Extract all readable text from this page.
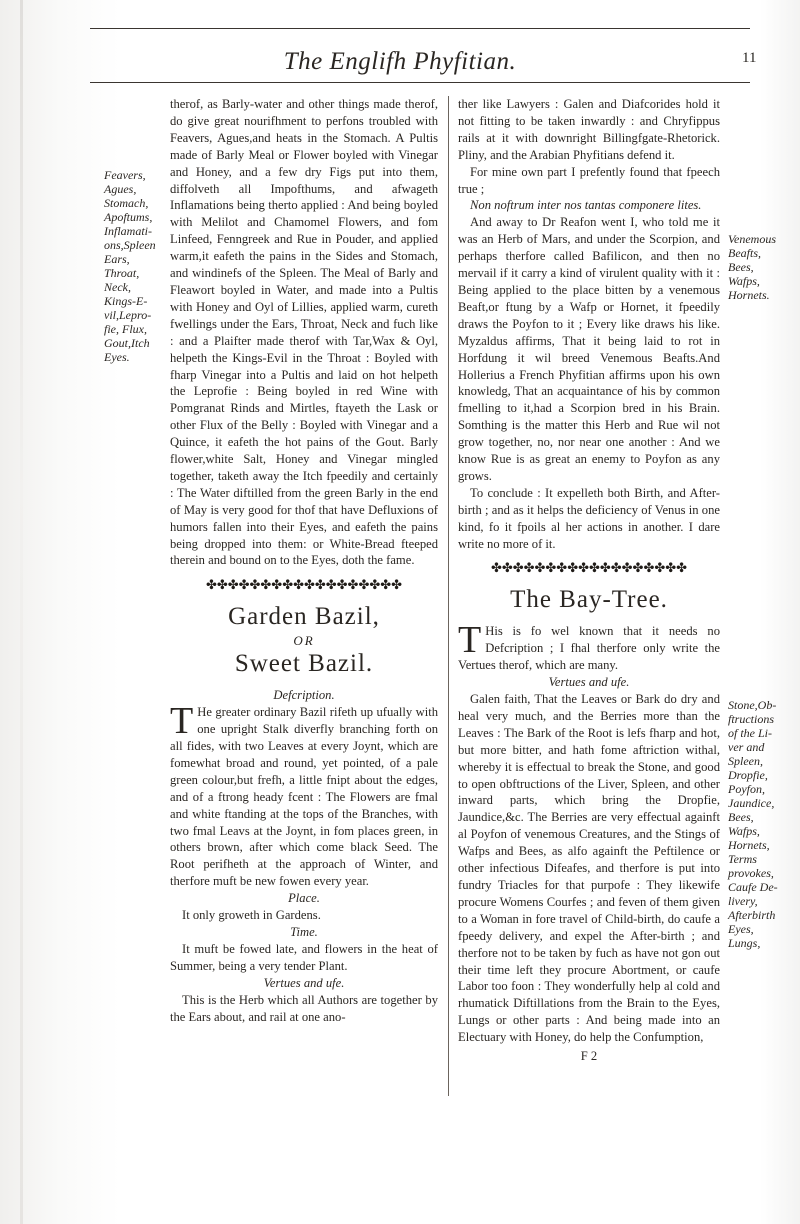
The Englifh Phyfitian.	11
Feavers,
Agues,
Stomach,
Apoftums,
Inflamati-
ons,Spleen
Ears,
Throat,
Neck,
Kings-E-
vil,Lepro-
fie, Flux,
Gout,Itch
Eyes.

therof, as Barly-water and other things made therof, do give great nourifhment to perfons troubled with Feavers, Agues,and heats in the Stomach. A Pultis made of Barly Meal or Flower boyled with Vinegar and Honey, and a few dry Figs put into them, diffolveth all Impofthums, and afwageth Inflamations being therto applied : And being boyled with Melilot and Chamomel Flowers, and fom Linfeed, Fenngreek and Rue in Pouder, and applied warm,it eafeth the pains in the Sides and Stomach, and windinefs of the Spleen. The Meal of Barly and Fleawort boyled in Water, and made into a Pultis with Honey and Oyl of Lillies, applied warm, cureth fwellings under the Ears, Throat, Neck and fuch like : and a Plaifter made therof with Tar,Wax & Oyl, helpeth the Kings-Evil in the Throat : Boyled with fharp Vinegar into a Pultis and laid on hot helpeth the Leprofie : Being boyled in red Wine with Pomgranat Rinds and Mirtles, ftayeth the Lask or other Flux of the Belly : Boyled with Vinegar and a Quince, it eafeth the hot pains of the Gout. Barly flower,white Salt, Honey and Vinegar mingled together, taketh away the Itch fpeedily and certainly : The Water diftilled from the green Barly in the end of May is very good for thof that have Defluxions of humors fallen into their Eyes, and eafeth the pains being dropped into them: or White-Bread fteeped therein and bound on to the Eyes, doth the fame.

✤✤✤✤✤✤✤✤✤✤✤✤✤✤✤✤✤✤
Garden Bazil,
OR
Sweet Bazil.
Defcription.

T He greater ordinary Bazil rifeth up ufually with one upright Stalk diverfly branching forth on all fides, with two Leaves at every Joynt, which are fomewhat broad and round, yet pointed, of a pale green colour,but frefh, a little fnipt about the edges, and of a ftrong heady fcent : The Flowers are fmal and white ftanding at the tops of the Branches, with two fmal Leavs at the Joynt, in fom places green, in others brown, after which come black Seed. The Root perifheth at the approach of Winter, and therfore muft be new fowen every year.

Place.

It only groweth in Gardens.

Time.

It muft be fowed late, and flowers in the heat of Summer, being a very tender Plant.

Vertues and ufe.

This is the Herb which all Authors are together by the Ears about, and rail at one ano-

ther like Lawyers : Galen and Diafcorides hold it not fitting to be taken inwardly : and Chryfippus rails at it with downright Billingfgate-Rhetorick. Pliny, and the Arabian Phyfitians defend it.

For mine own part I prefently found that fpeech true ;

Non noftrum inter nos tantas componere lites.

And away to Dr Reafon went I, who told me it was an Herb of Mars, and under the Scorpion, and perhaps therfore called Bafilicon, and then no mervail if it carry a kind of virulent quality with it : Being applied to the place bitten by a venemous Beaft,or ftung by a Wafp or Hornet, it fpeedily draws the Poyfon to it ; Every like draws his like. Myzaldus affirms, That it being laid to rot in Horfdung it wil breed Venemous Beafts.And Hollerius a French Phyfitian affirms upon his own knowledg, That an acquaintance of his by common fmelling to it,had a Scorpion bred in his Brain. Somthing is the matter this Herb and Rue wil not grow together, no, nor near one another : And we know Rue is as great an enemy to Poyfon as any grows.

To conclude : It expelleth both Birth, and After-birth ; and as it helps the deficiency of Venus in one kind, fo it fpoils al her actions in another. I dare write no more of it.

✤✤✤✤✤✤✤✤✤✤✤✤✤✤✤✤✤✤
The Bay-Tree.

T His is fo wel known that it needs no Defcription ; I fhal therfore only write the Vertues therof, which are many.

Vertues and ufe.

Galen faith, That the Leaves or Bark do dry and heal very much, and the Berries more than the Leaves : The Bark of the Root is lefs fharp and hot, but more bitter, and hath fome aftriction withal, whereby it is effectual to break the Stone, and good to open obftructions of the Liver, Spleen, and other inward parts, which bring the Dropfie, Jaundice,&c. The Berries are very effectual againft al Poyfon of venemous Creatures, and the Stings of Wafps and Bees, as alfo againft the Peftilence or other infectious Difeafes, and therfore is put into fundry Triacles for that purpofe : They likewife procure Womens Courfes ; and feven of them given to a Woman in fore travel of Child-birth, do caufe a fpeedy delivery, and expel the After-birth ; and therfore not to be taken by fuch as have not gon out their time left they procure Abortment, or caufe Labor too foon : They wonderfully help al cold and rhumatick Diftillations from the Brain to the Eyes, Lungs or other parts : And being made into an Electuary with Honey, do help the Confumption,

F 2
Venemous
Beafts,
Bees,
Wafps,
Hornets.
Stone,Ob-
ftructions
of the Li-
ver and
Spleen,
Dropfie,
Poyfon,
Jaundice,
Bees,
Wafps,
Hornets,
Terms
provokes,
Caufe De-
livery,
Afterbirth
Eyes,
Lungs,
